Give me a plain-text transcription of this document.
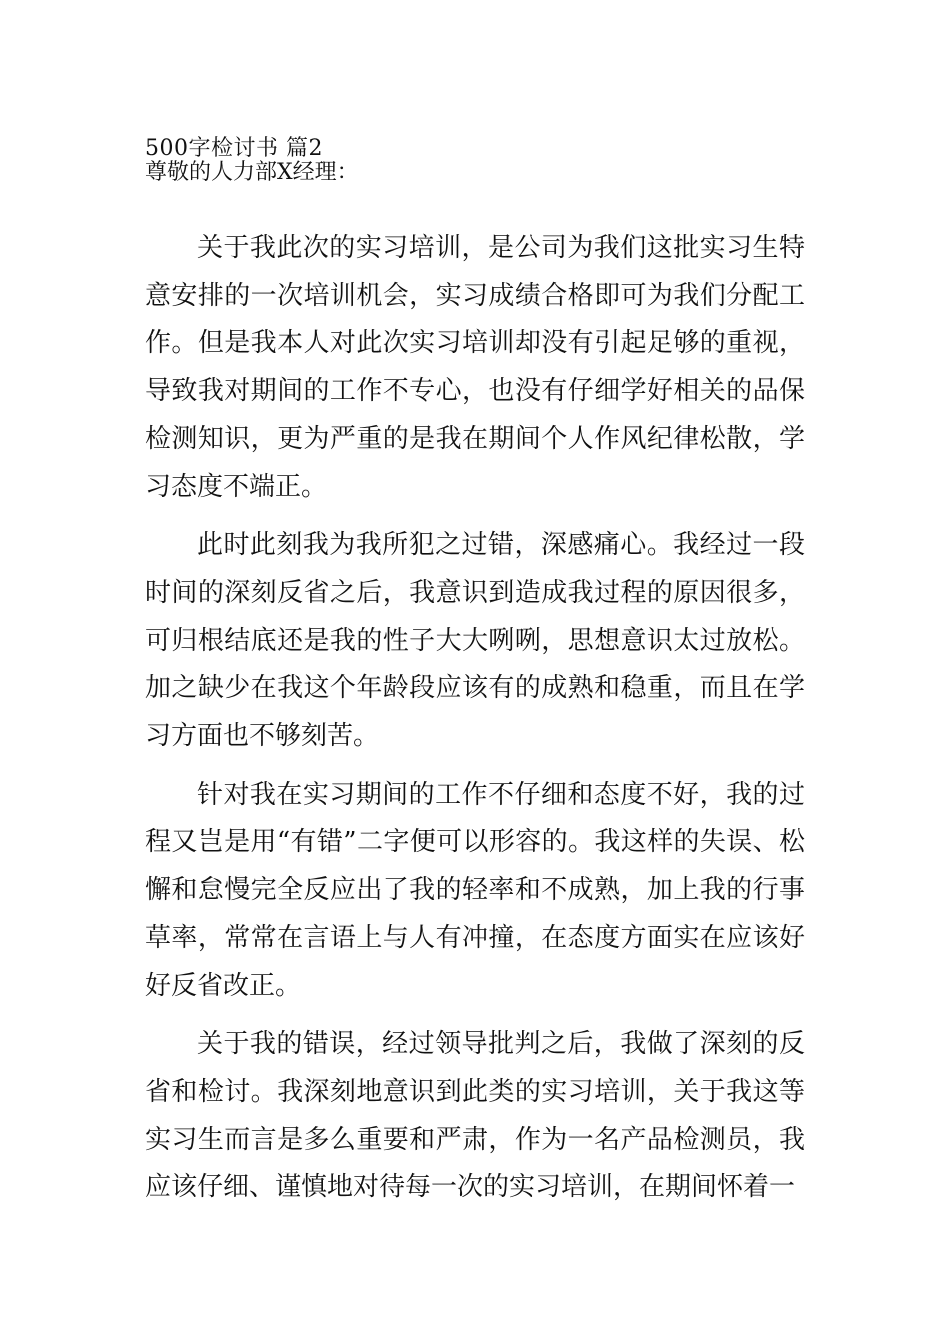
500字检讨书 篇2
尊敬的人力部X经理：

关于我此次的实习培训，是公司为我们这批实习生特意安排的一次培训机会，实习成绩合格即可为我们分配工作。但是我本人对此次实习培训却没有引起足够的重视，导致我对期间的工作不专心，也没有仔细学好相关的品保检测知识，更为严重的是我在期间个人作风纪律松散，学习态度不端正。

此时此刻我为我所犯之过错，深感痛心。我经过一段时间的深刻反省之后，我意识到造成我过程的原因很多，可归根结底还是我的性子大大咧咧，思想意识太过放松。加之缺少在我这个年龄段应该有的成熟和稳重，而且在学习方面也不够刻苦。

针对我在实习期间的工作不仔细和态度不好，我的过程又岂是用“有错”二字便可以形容的。我这样的失误、松懈和怠慢完全反应出了我的轻率和不成熟，加上我的行事草率，常常在言语上与人有冲撞，在态度方面实在应该好好反省改正。

关于我的错误，经过领导批判之后，我做了深刻的反省和检讨。我深刻地意识到此类的实习培训，关于我这等实习生而言是多么重要和严肃，作为一名产品检测员，我应该仔细、谨慎地对待每一次的实习培训，在期间怀着一
